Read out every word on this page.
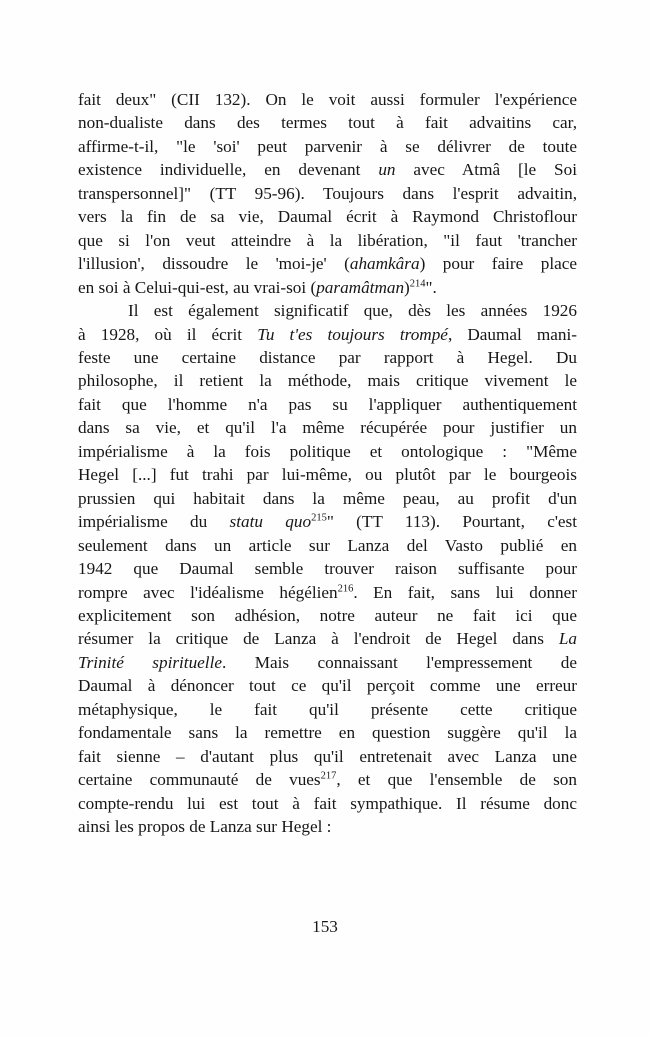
fait deux" (CII 132). On le voit aussi formuler l'expérience
non-dualiste dans des termes tout à fait advaitins car,
affirme-t-il, "le 'soi' peut parvenir à se délivrer de toute
existence individuelle, en devenant un avec Atmâ [le Soi
transpersonnel]" (TT 95-96). Toujours dans l'esprit advaitin,
vers la fin de sa vie, Daumal écrit à Raymond Christoflour
que si l'on veut atteindre à la libération, "il faut 'trancher
l'illusion', dissoudre le 'moi-je' (ahamkâra) pour faire place
en soi à Celui-qui-est, au vrai-soi (paramâtman)$^{214}$".
Il est également significatif que, dès les années 1926
à 1928, où il écrit Tu t'es toujours trompé, Daumal mani-
feste une certaine distance par rapport à Hegel. Du
philosophe, il retient la méthode, mais critique vivement le
fait que l'homme n'a pas su l'appliquer authentiquement
dans sa vie, et qu'il l'a même récupérée pour justifier un
impérialisme à la fois politique et ontologique : "Même
Hegel [...] fut trahi par lui-même, ou plutôt par le bourgeois
prussien qui habitait dans la même peau, au profit d'un
impérialisme du statu quo$^{215}$" (TT 113). Pourtant, c'est
seulement dans un article sur Lanza del Vasto publié en
1942 que Daumal semble trouver raison suffisante pour
rompre avec l'idéalisme hégélien$^{216}$. En fait, sans lui donner
explicitement son adhésion, notre auteur ne fait ici que
résumer la critique de Lanza à l'endroit de Hegel dans La
Trinité spirituelle. Mais connaissant l'empressement de
Daumal à dénoncer tout ce qu'il perçoit comme une erreur
métaphysique, le fait qu'il présente cette critique
fondamentale sans la remettre en question suggère qu'il la
fait sienne – d'autant plus qu'il entretenait avec Lanza une
certaine communauté de vues$^{217}$, et que l'ensemble de son
compte-rendu lui est tout à fait sympathique. Il résume donc
ainsi les propos de Lanza sur Hegel :
153
